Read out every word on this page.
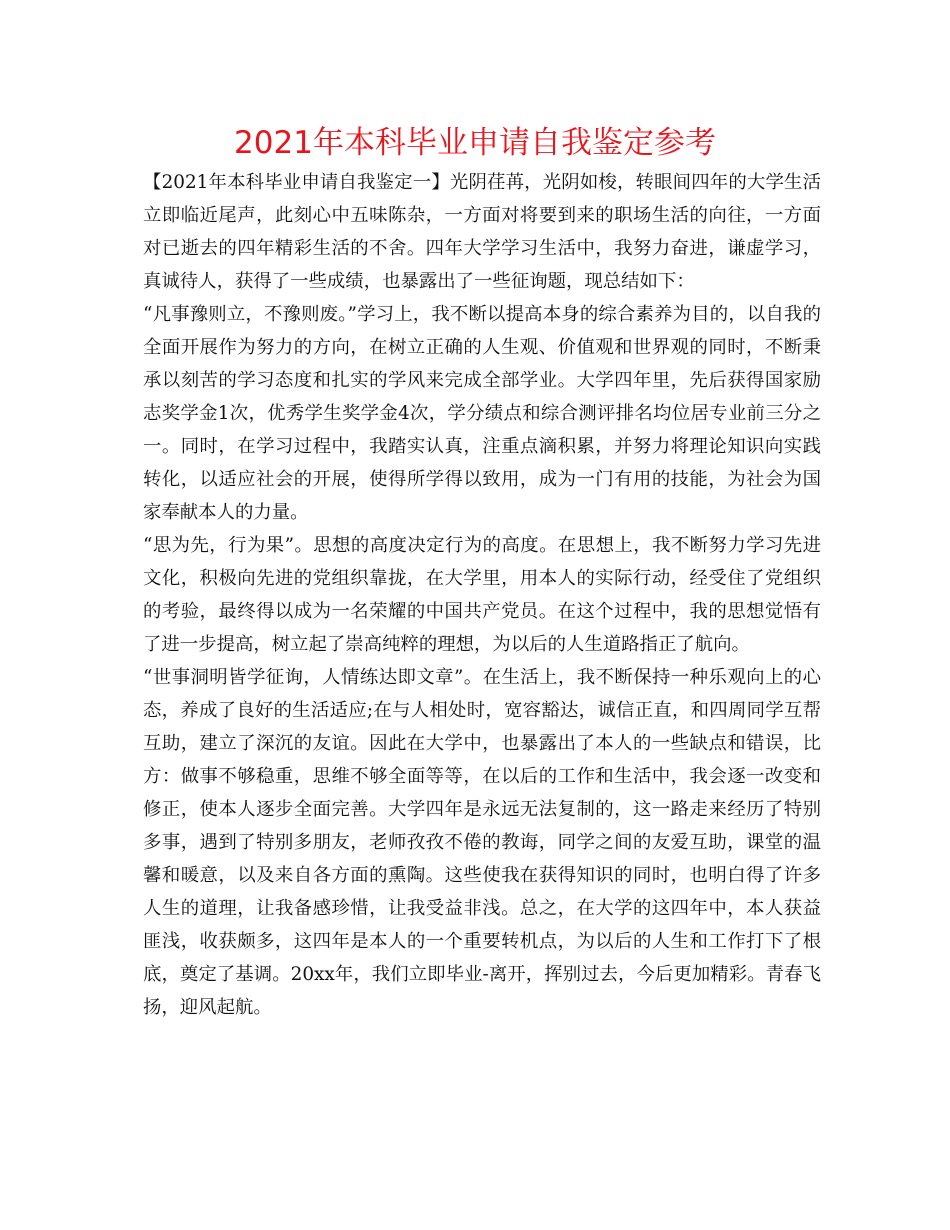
2021年本科毕业申请自我鉴定参考

【2021年本科毕业申请自我鉴定一】光阴荏苒，光阴如梭，转眼间四年的大学生活立即临近尾声，此刻心中五味陈杂，一方面对将要到来的职场生活的向往，一方面对已逝去的四年精彩生活的不舍。四年大学学习生活中，我努力奋进，谦虚学习，真诚待人，获得了一些成绩，也暴露出了一些征询题，现总结如下：

“凡事豫则立，不豫则废。”学习上，我不断以提高本身的综合素养为目的，以自我的全面开展作为努力的方向，在树立正确的人生观、价值观和世界观的同时，不断秉承以刻苦的学习态度和扎实的学风来完成全部学业。大学四年里，先后获得国家励志奖学金1次，优秀学生奖学金4次，学分绩点和综合测评排名均位居专业前三分之一。同时，在学习过程中，我踏实认真，注重点滴积累，并努力将理论知识向实践转化，以适应社会的开展，使得所学得以致用，成为一门有用的技能，为社会为国家奉献本人的力量。

“思为先，行为果”。思想的高度决定行为的高度。在思想上，我不断努力学习先进文化，积极向先进的党组织靠拢，在大学里，用本人的实际行动，经受住了党组织的考验，最终得以成为一名荣耀的中国共产党员。在这个过程中，我的思想觉悟有了进一步提高，树立起了崇高纯粹的理想，为以后的人生道路指正了航向。

“世事洞明皆学征询，人情练达即文章”。在生活上，我不断保持一种乐观向上的心态，养成了良好的生活适应;在与人相处时，宽容豁达，诚信正直，和四周同学互帮互助，建立了深沉的友谊。因此在大学中，也暴露出了本人的一些缺点和错误，比方：做事不够稳重，思维不够全面等等，在以后的工作和生活中，我会逐一改变和修正，使本人逐步全面完善。大学四年是永远无法复制的，这一路走来经历了特别多事，遇到了特别多朋友，老师孜孜不倦的教诲，同学之间的友爱互助，课堂的温馨和暖意，以及来自各方面的熏陶。这些使我在获得知识的同时，也明白得了许多人生的道理，让我备感珍惜，让我受益非浅。总之，在大学的这四年中，本人获益匪浅，收获颇多，这四年是本人的一个重要转机点，为以后的人生和工作打下了根底，奠定了基调。20xx年，我们立即毕业-离开，挥别过去，今后更加精彩。青春飞扬，迎风起航。
